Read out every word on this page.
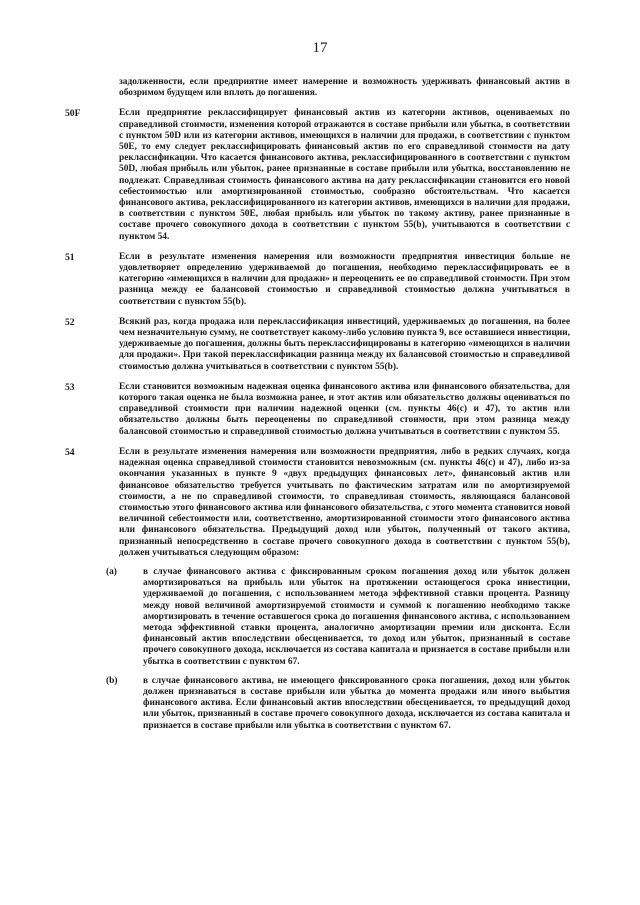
17
задолженности, если предприятие имеет намерение и возможность удерживать финансовый актив в обозримом будущем или вплоть до погашения.
50F	Если предприятие реклассифицирует финансовый актив из категории активов, оцениваемых по справедливой стоимости, изменения которой отражаются в составе прибыли или убытка, в соответствии с пунктом 50D или из категории активов, имеющихся в наличии для продажи, в соответствии с пунктом 50E, то ему следует реклассифицировать финансовый актив по его справедливой стоимости на дату реклассификации. Что касается финансового актива, реклассифицированного в соответствии с пунктом 50D, любая прибыль или убыток, ранее признанные в составе прибыли или убытка, восстановлению не подлежат. Справедливая стоимость финансового актива на дату реклассификации становится его новой себестоимостью или амортизированной стоимостью, сообразно обстоятельствам. Что касается финансового актива, реклассифицированного из категории активов, имеющихся в наличии для продажи, в соответствии с пунктом 50E, любая прибыль или убыток по такому активу, ранее признанные в составе прочего совокупного дохода в соответствии с пунктом 55(b), учитываются в соответствии с пунктом 54.
51	Если в результате изменения намерения или возможности предприятия инвестиция больше не удовлетворяет определению удерживаемой до погашения, необходимо переклассифицировать ее в категорию «имеющихся в наличии для продажи» и переоценить ее по справедливой стоимости. При этом разница между ее балансовой стоимостью и справедливой стоимостью должна учитываться в соответствии с пунктом 55(b).
52	Всякий раз, когда продажа или переклассификация инвестиций, удерживаемых до погашения, на более чем незначительную сумму, не соответствует какому-либо условию пункта 9, все оставшиеся инвестиции, удерживаемые до погашения, должны быть переклассифицированы в категорию «имеющихся в наличии для продажи». При такой переклассификации разница между их балансовой стоимостью и справедливой стоимостью должна учитываться в соответствии с пунктом 55(b).
53	Если становится возможным надежная оценка финансового актива или финансового обязательства, для которого такая оценка не была возможна ранее, и этот актив или обязательство должны оцениваться по справедливой стоимости при наличии надежной оценки (см. пункты 46(c) и 47), то актив или обязательство должны быть переоценены по справедливой стоимости, при этом разница между балансовой стоимостью и справедливой стоимостью должна учитываться в соответствии с пунктом 55.
54	Если в результате изменения намерения или возможности предприятия, либо в редких случаях, когда надежная оценка справедливой стоимости становится невозможным (см. пункты 46(c) и 47), либо из-за окончания указанных в пункте 9 «двух предыдущих финансовых лет», финансовый актив или финансовое обязательство требуется учитывать по фактическим затратам или по амортизируемой стоимости, а не по справедливой стоимости, то справедливая стоимость, являющаяся балансовой стоимостью этого финансового актива или финансового обязательства, с этого момента становится новой величиной себестоимости или, соответственно, амортизированной стоимости этого финансового актива или финансового обязательства. Предыдущий доход или убыток, полученный от такого актива, признанный непосредственно в составе прочего совокупного дохода в соответствии с пунктом 55(b), должен учитываться следующим образом:
(a)	в случае финансового актива с фиксированным сроком погашения доход или убыток должен амортизироваться на прибыль или убыток на протяжении остающегося срока инвестиции, удерживаемой до погашения, с использованием метода эффективной ставки процента. Разницу между новой величиной амортизируемой стоимости и суммой к погашению необходимо также амортизировать в течение оставшегося срока до погашения финансового актива, с использованием метода эффективной ставки процента, аналогично амортизации премии или дисконта. Если финансовый актив впоследствии обесценивается, то доход или убыток, признанный в составе прочего совокупного дохода, исключается из состава капитала и признается в составе прибыли или убытка в соответствии с пунктом 67.
(b)	в случае финансового актива, не имеющего фиксированного срока погашения, доход или убыток должен признаваться в составе прибыли или убытка до момента продажи или иного выбытия финансового актива. Если финансовый актив впоследствии обесценивается, то предыдущий доход или убыток, признанный в составе прочего совокупного дохода, исключается из состава капитала и признается в составе прибыли или убытка в соответствии с пунктом 67.
